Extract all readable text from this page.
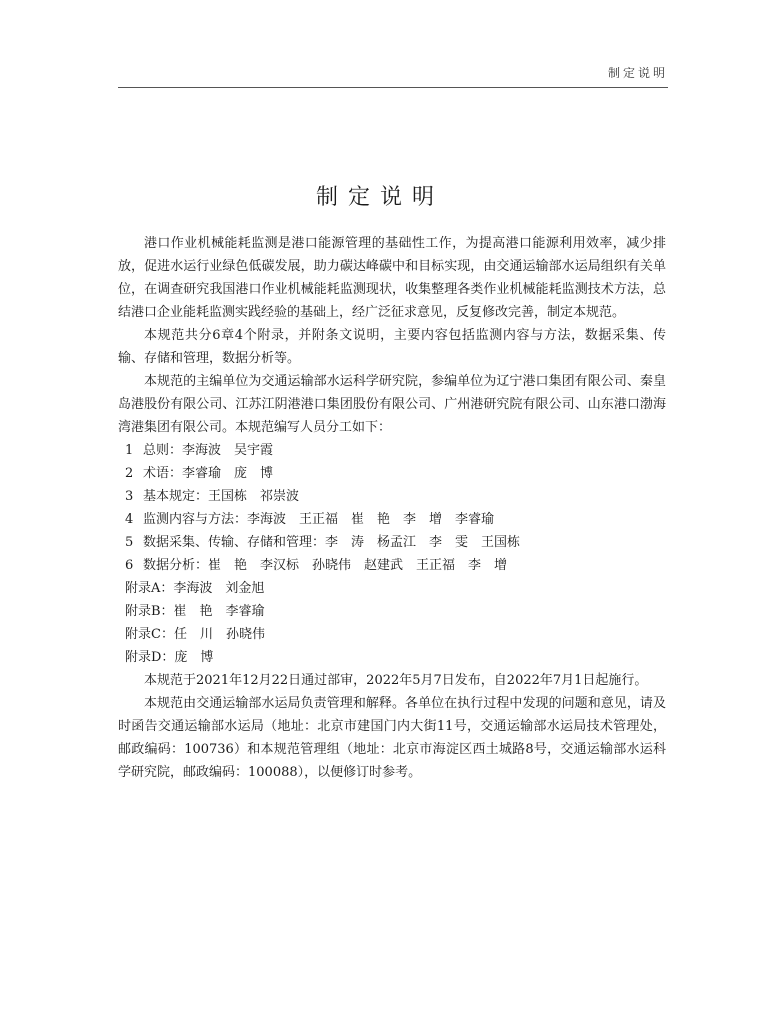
制定说明
制定说明

港口作业机械能耗监测是港口能源管理的基础性工作，为提高港口能源利用效率，减少排放，促进水运行业绿色低碳发展，助力碳达峰碳中和目标实现，由交通运输部水运局组织有关单位，在调查研究我国港口作业机械能耗监测现状，收集整理各类作业机械能耗监测技术方法，总结港口企业能耗监测实践经验的基础上，经广泛征求意见，反复修改完善，制定本规范。

本规范共分6章4个附录，并附条文说明，主要内容包括监测内容与方法，数据采集、传输、存储和管理，数据分析等。

本规范的主编单位为交通运输部水运科学研究院，参编单位为辽宁港口集团有限公司、秦皇岛港股份有限公司、江苏江阴港港口集团股份有限公司、广州港研究院有限公司、山东港口渤海湾港集团有限公司。本规范编写人员分工如下：

1 总则：李海波　吴宇霞
2 术语：李睿瑜　庞　博
3 基本规定：王国栋　祁崇波
4 监测内容与方法：李海波　王正福　崔　艳　李　增　李睿瑜
5 数据采集、传输、存储和管理：李　涛　杨孟江　李　雯　王国栋
6 数据分析：崔　艳　李汉标　孙晓伟　赵建武　王正福　李　增
附录A：李海波　刘金旭
附录B：崔　艳　李睿瑜
附录C：任　川　孙晓伟
附录D：庞　博

本规范于2021年12月22日通过部审，2022年5月7日发布，自2022年7月1日起施行。

本规范由交通运输部水运局负责管理和解释。各单位在执行过程中发现的问题和意见，请及时函告交通运输部水运局（地址：北京市建国门内大街11号，交通运输部水运局技术管理处，邮政编码：100736）和本规范管理组（地址：北京市海淀区西土城路8号，交通运输部水运科学研究院，邮政编码：100088），以便修订时参考。
